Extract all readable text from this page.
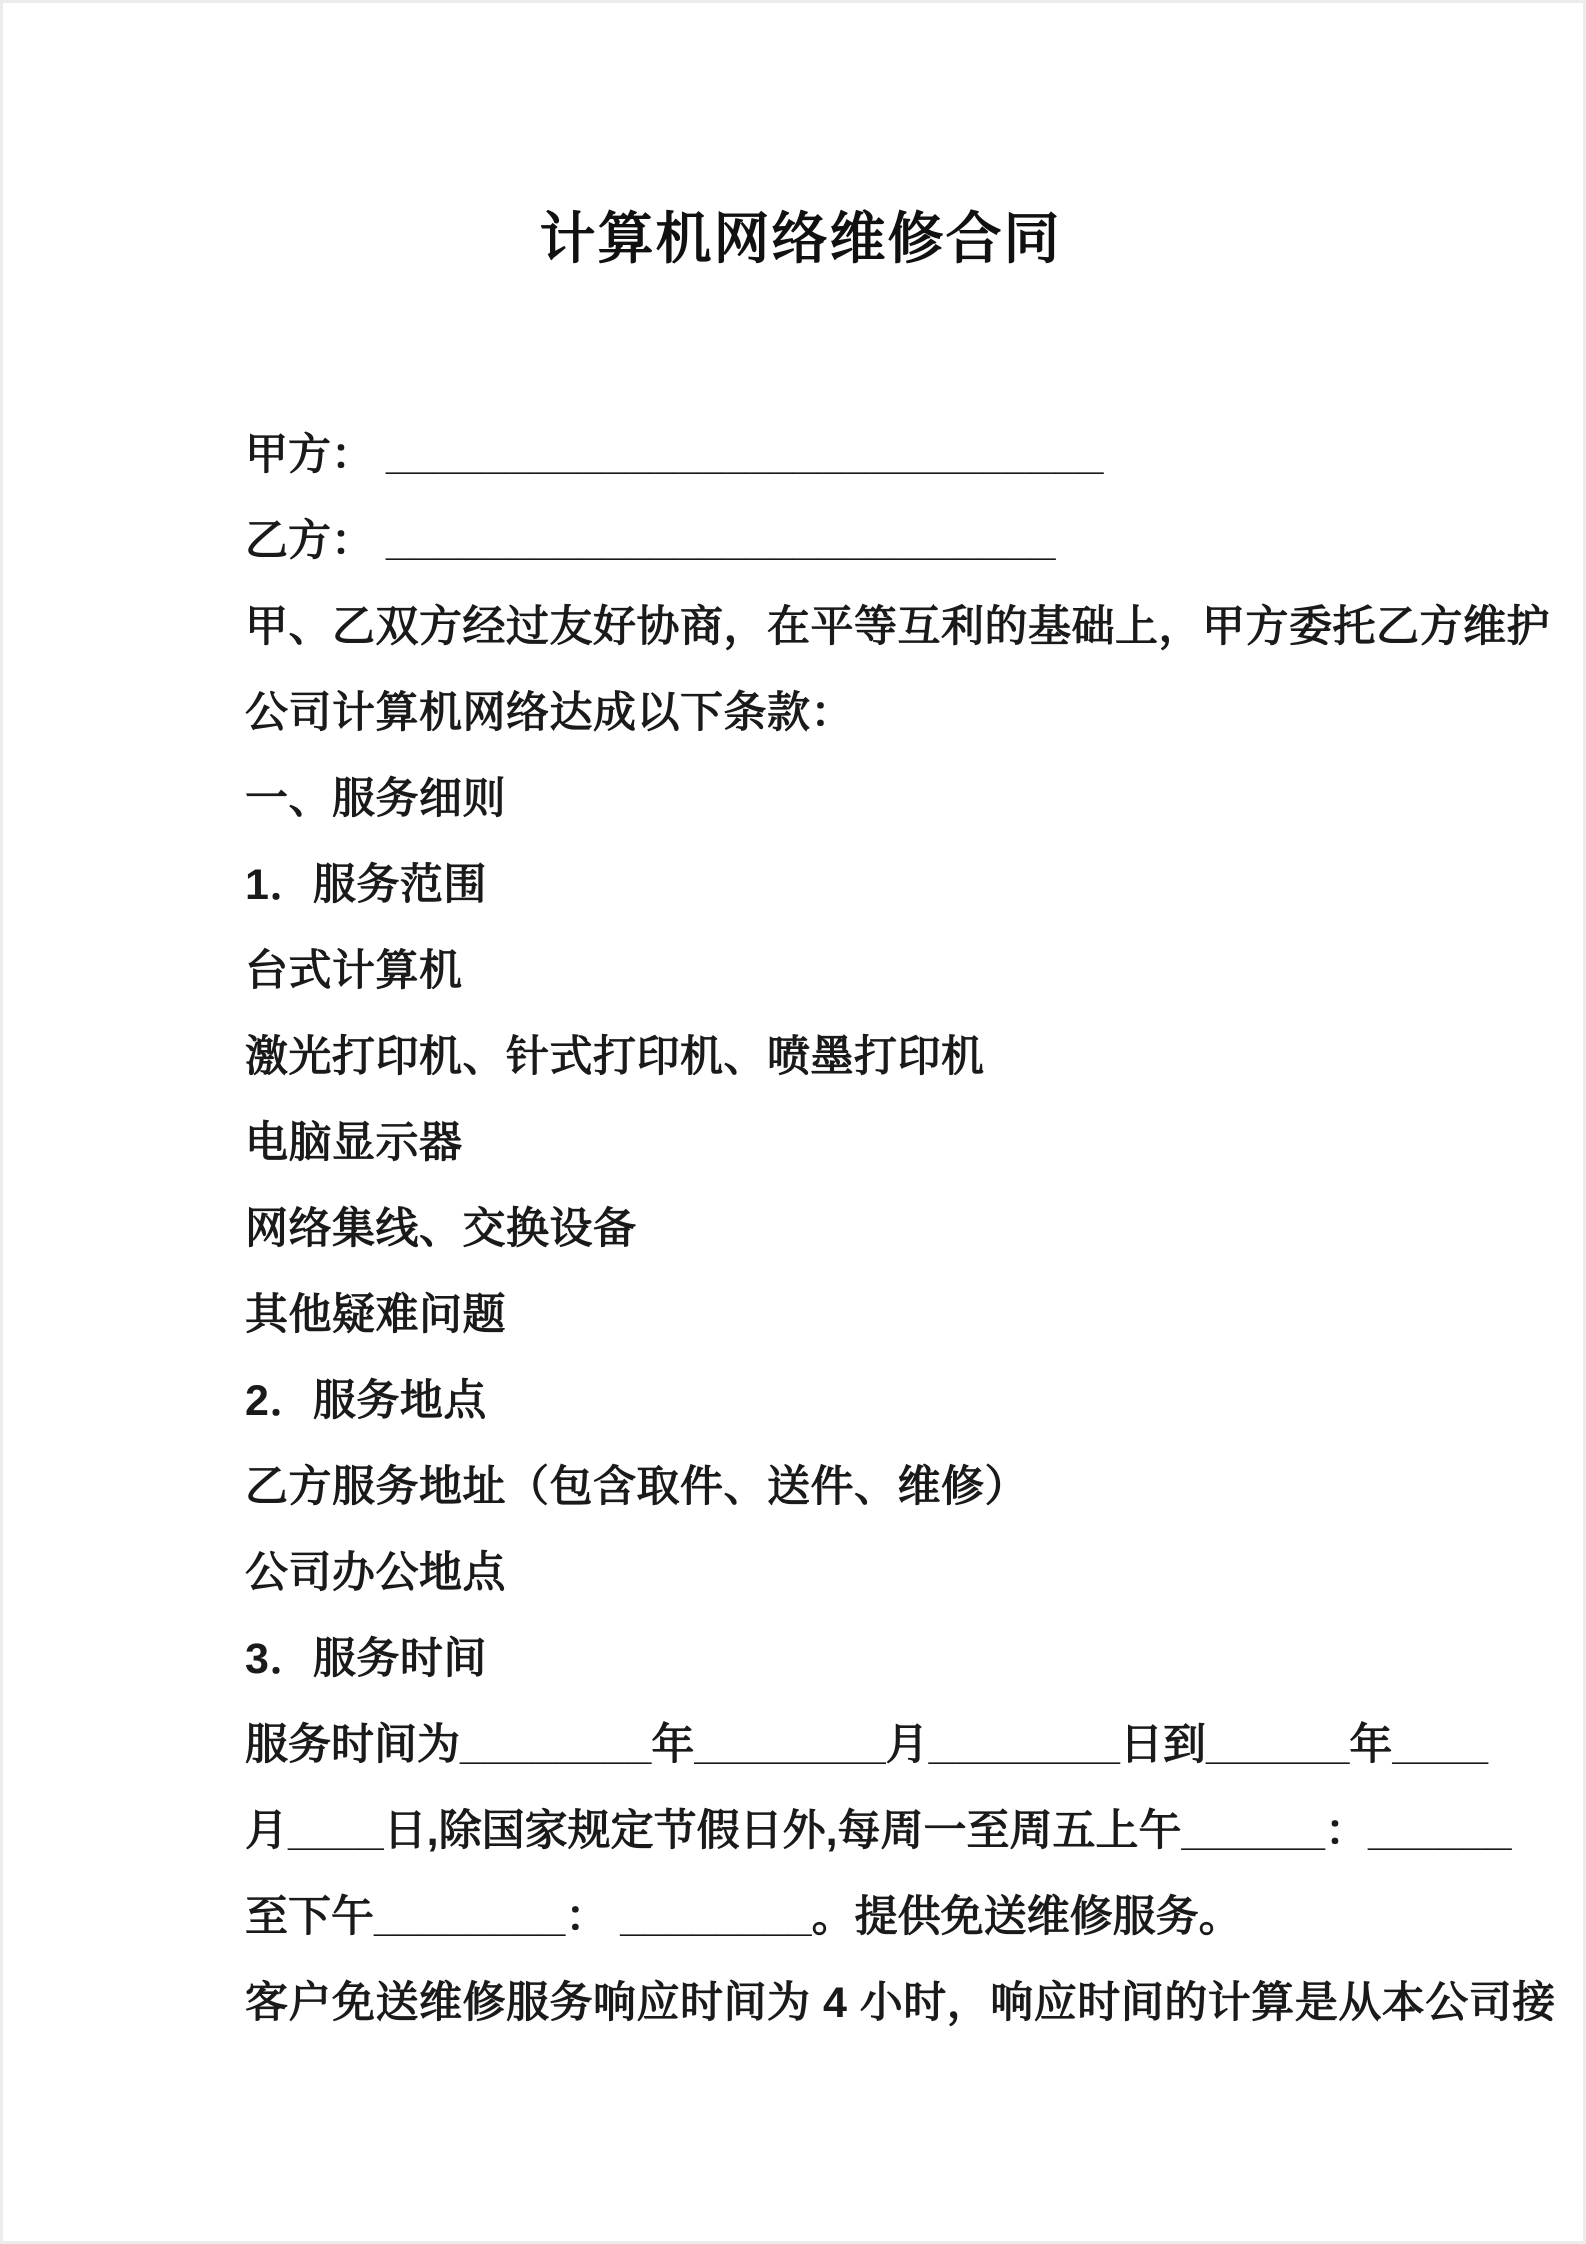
计算机网络维修合同

甲方： ______________________________

乙方： ____________________________

甲、乙双方经过友好协商，在平等互利的基础上，甲方委托乙方维护

公司计算机网络达成以下条款：

一、服务细则

1．服务范围

台式计算机

激光打印机、针式打印机、喷墨打印机

电脑显示器

网络集线、交换设备

其他疑难问题

2．服务地点

乙方服务地址（包含取件、送件、维修）

公司办公地点

3．服务时间

服务时间为________年________月________日到______年____

月____日,除国家规定节假日外,每周一至周五上午______：______

至下午________： ________。提供免送维修服务。

客户免送维修服务响应时间为 4 小时，响应时间的计算是从本公司接
